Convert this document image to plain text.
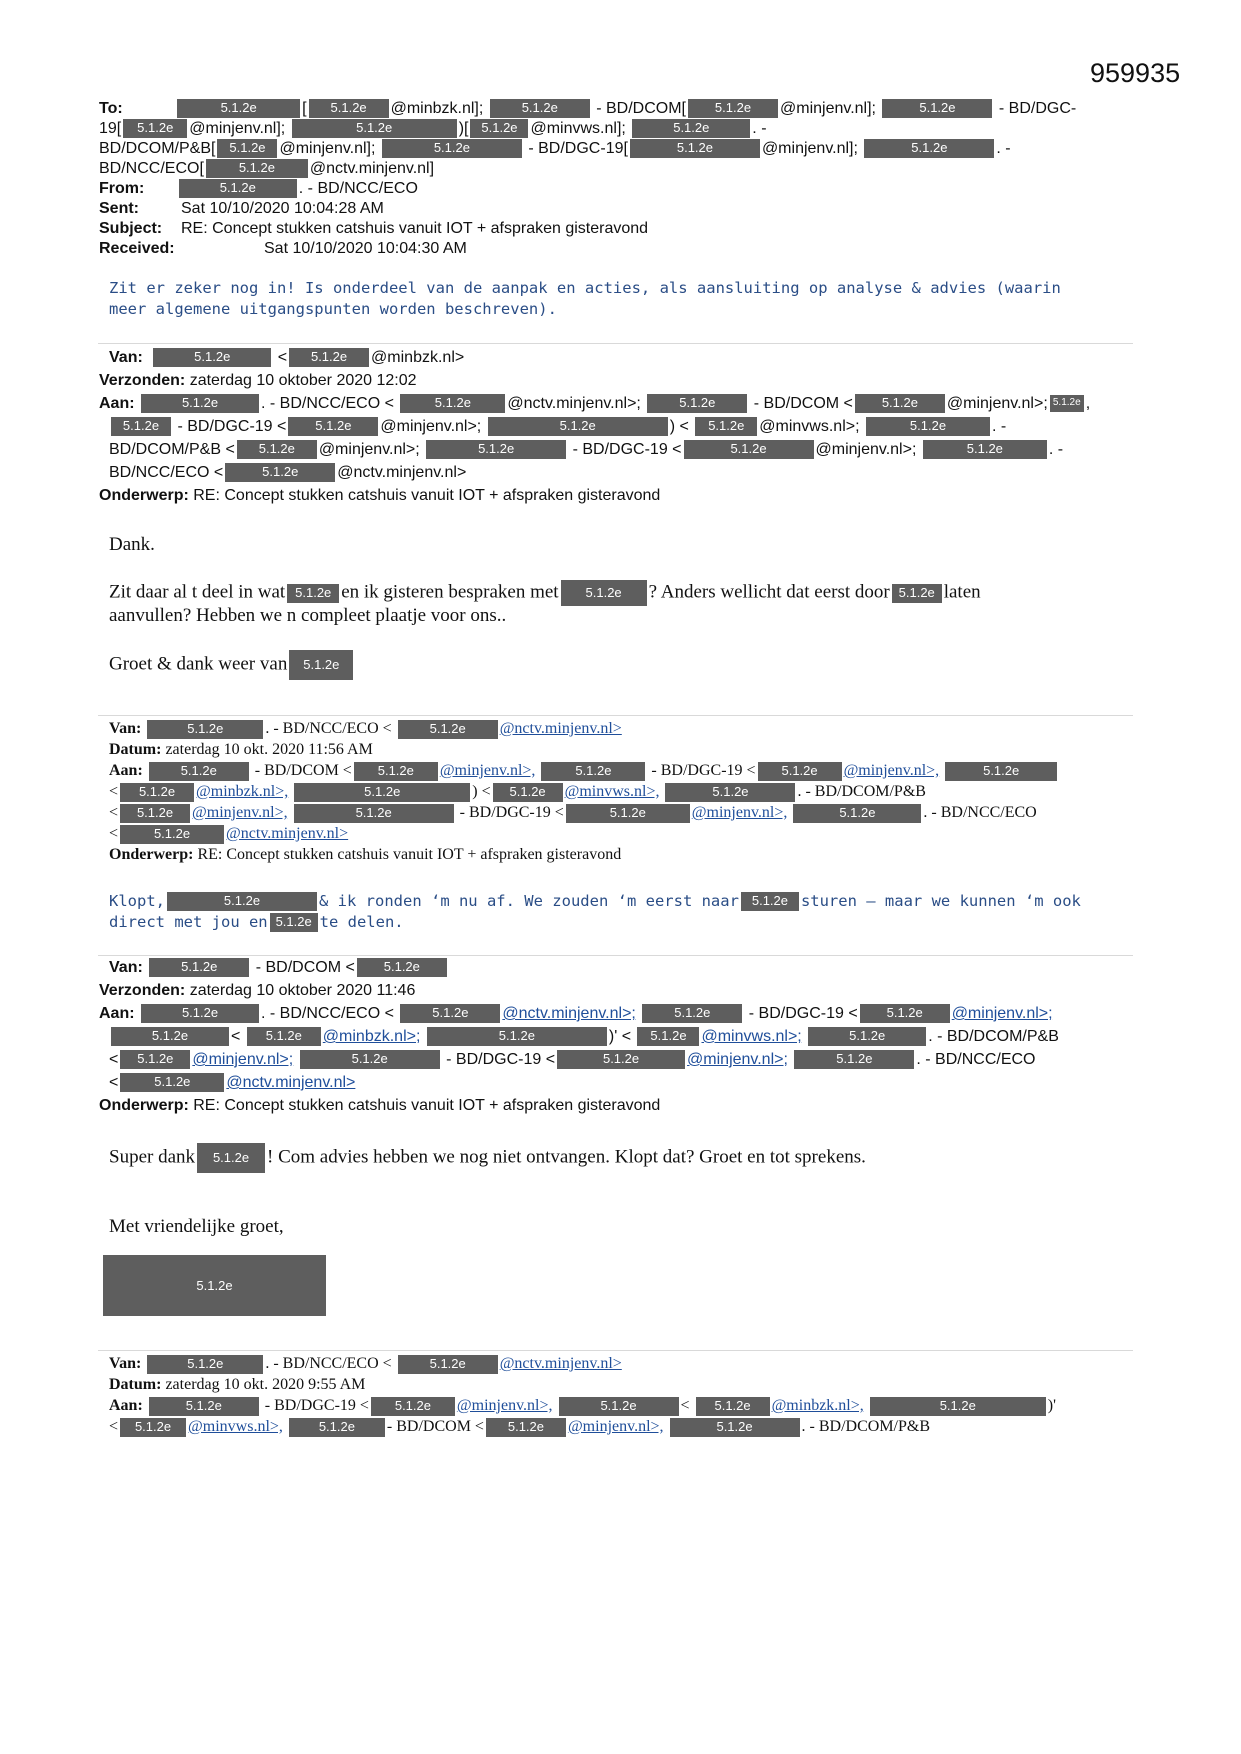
959935
To:	5.1.2e	[ 5.1.2e @minbzk.nl];	5.1.2e - BD/DCOM[ 5.1.2e @minjenv.nl];	5.1.2e	- BD/DGC-
19[ 5.1.2e @minjenv.nl];	5.1.2e	)[ 5.1.2e @minvws.nl];	5.1.2e	. -
BD/DCOM/P&B[ 5.1.2e @minjenv.nl];	5.1.2e	- BD/DGC-19[	5.1.2e	@minjenv.nl];	5.1.2e	. -
BD/NCC/ECO[	5.1.2e @nctv.minjenv.nl]
From:	5.1.2e	. - BD/NCC/ECO
Sent:	Sat 10/10/2020 10:04:28 AM
Subject: RE: Concept stukken catshuis vanuit IOT + afspraken gisteravond
Received:	Sat 10/10/2020 10:04:30 AM
Zit er zeker nog in! Is onderdeel van de aanpak en acties, als aansluiting op analyse & advies (waarin meer algemene uitgangspunten worden beschreven).
Van:	5.1.2e	< 5.1.2e @minbzk.nl>
Verzonden: zaterdag 10 oktober 2020 12:02
Aan:	5.1.2e	. - BD/NCC/ECO <	5.1.2e @nctv.minjenv.nl>;	5.1.2e - BD/DCOM < 5.1.2e @minjenv.nl>; 5.1.2e ,
5.1.2e - BD/DGC-19 < 5.1.2e @minjenv.nl>;	5.1.2e	) < 5.1.2e @minvws.nl>;	5.1.2e	. -
BD/DCOM/P&B < 5.1.2e @minjenv.nl>;	5.1.2e	- BD/DGC-19 <	5.1.2e	@minjenv.nl>;	5.1.2e	. -
BD/NCC/ECO <	5.1.2e @nctv.minjenv.nl>
Onderwerp: RE: Concept stukken catshuis vanuit IOT + afspraken gisteravond
Dank.
Zit daar al t deel in wat 5.1.2e en ik gisteren bespraken met 5.1.2e ? Anders wellicht dat eerst door 5.1.2e laten
aanvullen? Hebben we n compleet plaatje voor ons..
Groet & dank weer van 5.1.2e
Van:	5.1.2e	. - BD/NCC/ECO <	5.1.2e @nctv.minjenv.nl>
Datum: zaterdag 10 okt. 2020 11:56 AM
Aan:	5.1.2e - BD/DCOM < 5.1.2e @minjenv.nl>,	5.1.2e - BD/DGC-19 < 5.1.2e @minjenv.nl>,	5.1.2e
< 5.1.2e @minbzk.nl>,	5.1.2e	) < 5.1.2e @minvws.nl>,	5.1.2e	. - BD/DCOM/P&B
< 5.1.2e @minjenv.nl>,	5.1.2e	- BD/DGC-19 <	5.1.2e	@minjenv.nl>,	5.1.2e	. - BD/NCC/ECO
<	5.1.2e @nctv.minjenv.nl>
Onderwerp: RE: Concept stukken catshuis vanuit IOT + afspraken gisteravond
Klopt,	5.1.2e	& ik ronden ‘m nu af. We zouden ‘m eerst naar 5.1.2e sturen – maar we kunnen ‘m ook
direct met jou en 5.1.2e te delen.
Van:	5.1.2e - BD/DCOM < 5.1.2e
Verzonden: zaterdag 10 oktober 2020 11:46
Aan:	5.1.2e	. - BD/NCC/ECO <	5.1.2e @nctv.minjenv.nl>;	5.1.2e - BD/DGC-19 < 5.1.2e @minjenv.nl>;
5.1.2e	< 5.1.2e @minbzk.nl>;	5.1.2e	)' < 5.1.2e @minvws.nl>;	5.1.2e	. - BD/DCOM/P&B
< 5.1.2e @minjenv.nl>;	5.1.2e	- BD/DGC-19 <	5.1.2e	@minjenv.nl>;	5.1.2e	. - BD/NCC/ECO
<	5.1.2e @nctv.minjenv.nl>
Onderwerp: RE: Concept stukken catshuis vanuit IOT + afspraken gisteravond
Super dank 5.1.2e ! Com advies hebben we nog niet ontvangen. Klopt dat? Groet en tot sprekens.
Met vriendelijke groet,
5.1.2e
Van:	5.1.2e	. - BD/NCC/ECO <	5.1.2e @nctv.minjenv.nl>
Datum: zaterdag 10 okt. 2020 9:55 AM
Aan:	5.1.2e	- BD/DGC-19 < 5.1.2e @minjenv.nl>,	5.1.2e	< 5.1.2e @minbzk.nl>,	5.1.2e	)'
< 5.1.2e @minvws.nl>,	5.1.2e - BD/DCOM < 5.1.2e @minjenv.nl>,	5.1.2e	. - BD/DCOM/P&B
